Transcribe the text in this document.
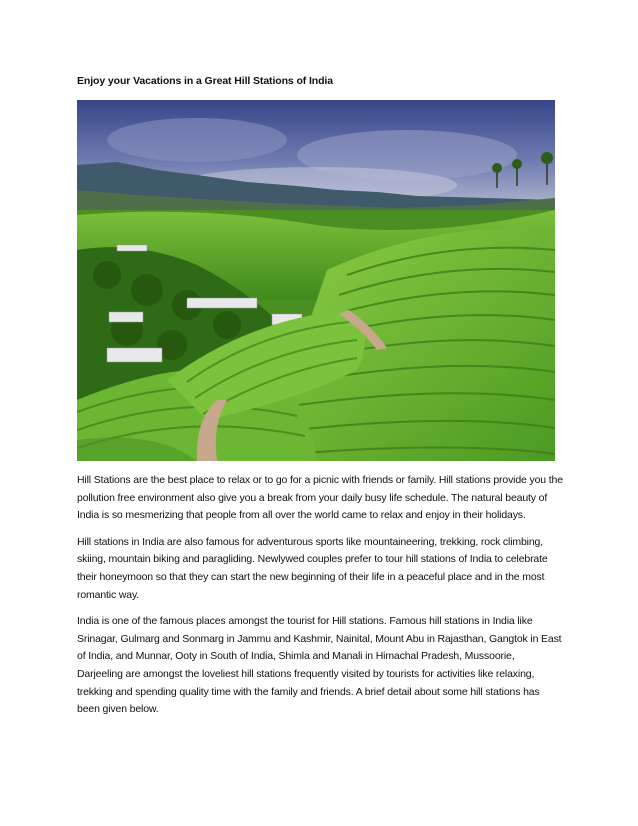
Enjoy your Vacations in a Great Hill Stations of India

Hill Stations are the best place to relax or to go for a picnic with friends or family. Hill stations provide you the pollution free environment also give you a break from your daily busy life schedule. The natural beauty of India is so mesmerizing that people from all over the world came to relax and enjoy in their holidays.

Hill stations in India are also famous for adventurous sports like mountaineering, trekking, rock climbing, skiing, mountain biking and paragliding. Newlywed couples prefer to tour hill stations of India to celebrate their honeymoon so that they can start the new beginning of their life in a peaceful place and in the most romantic way.

India is one of the famous places amongst the tourist for Hill stations. Famous hill stations in India like Srinagar, Gulmarg and Sonmarg in Jammu and Kashmir, Nainital, Mount Abu in Rajasthan, Gangtok in East of India, and Munnar, Ooty in South of India, Shimla and Manali in Himachal Pradesh, Mussoorie, Darjeeling are amongst the loveliest hill stations frequently visited by tourists for activities like relaxing, trekking and spending quality time with the family and friends. A brief detail about some hill stations has been given below.
